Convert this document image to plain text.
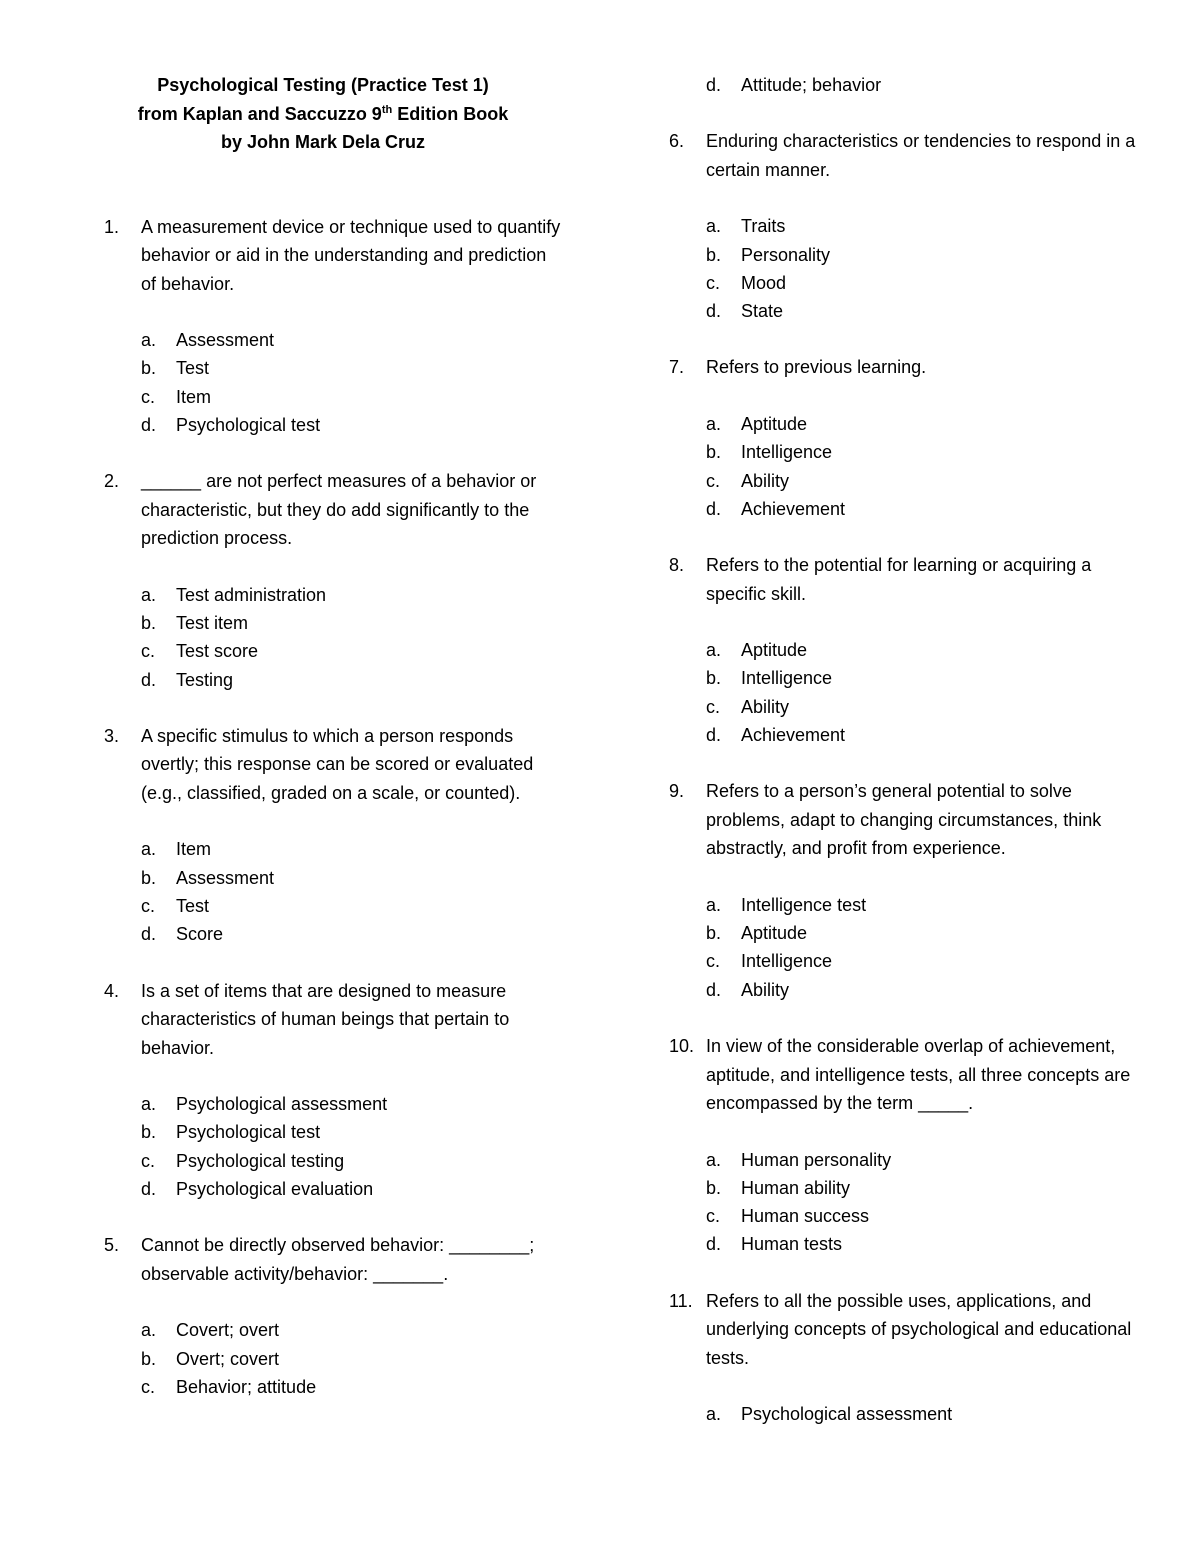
Psychological Testing (Practice Test 1)
from Kaplan and Saccuzzo 9th Edition Book
by John Mark Dela Cruz
1.	A measurement device or technique used to quantify behavior or aid in the understanding and prediction of behavior.
a.	Assessment
b.	Test
c.	Item
d.	Psychological test
2.	______ are not perfect measures of a behavior or characteristic, but they do add significantly to the prediction process.
a.	Test administration
b.	Test item
c.	Test score
d.	Testing
3.	A specific stimulus to which a person responds overtly; this response can be scored or evaluated (e.g., classified, graded on a scale, or counted).
a.	Item
b.	Assessment
c.	Test
d.	Score
4.	Is a set of items that are designed to measure characteristics of human beings that pertain to behavior.
a.	Psychological assessment
b.	Psychological test
c.	Psychological testing
d.	Psychological evaluation
5.	Cannot be directly observed behavior: ________; observable activity/behavior: _______.
a.	Covert; overt
b.	Overt; covert
c.	Behavior; attitude
d.	Attitude; behavior
6.	Enduring characteristics or tendencies to respond in a certain manner.
a.	Traits
b.	Personality
c.	Mood
d.	State
7.	Refers to previous learning.
a.	Aptitude
b.	Intelligence
c.	Ability
d.	Achievement
8.	Refers to the potential for learning or acquiring a specific skill.
a.	Aptitude
b.	Intelligence
c.	Ability
d.	Achievement
9.	Refers to a person’s general potential to solve problems, adapt to changing circumstances, think abstractly, and profit from experience.
a.	Intelligence test
b.	Aptitude
c.	Intelligence
d.	Ability
10. In view of the considerable overlap of achievement, aptitude, and intelligence tests, all three concepts are encompassed by the term _____.
a.	Human personality
b.	Human ability
c.	Human success
d.	Human tests
11. Refers to all the possible uses, applications, and underlying concepts of psychological and educational tests.
a.	Psychological assessment
